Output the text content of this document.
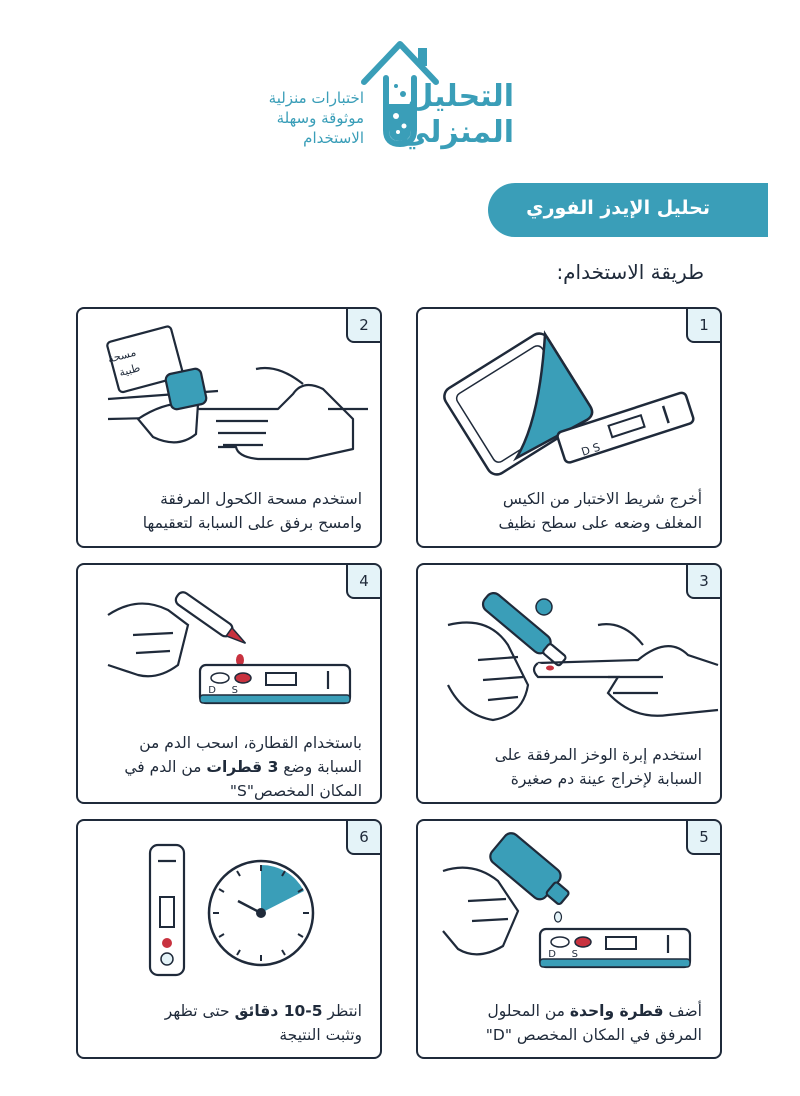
التحليل
المنزلي
اختبارات منزلية
موثوقة وسهلة
الاستخدام
تحليل الإيدز الفوري
طريقة الاستخدام:
1
D S
أخرج شريط الاختبار من الكيس
المغلف وضعه على سطح نظيف
2
مسحة
طبية
استخدم مسحة الكحول المرفقة
وامسح برفق على السبابة لتعقيمها
3
استخدم إبرة الوخز المرفقة على
السبابة لإخراج عينة دم صغيرة
4
D S
باستخدام القطارة، اسحب الدم من
السبابة وضع 3 قطرات من الدم في
المكان المخصص"S"
5
D S
أضف قطرة واحدة من المحلول
المرفق في المكان المخصص "D"
6
انتظر 5-10 دقائق حتى تظهر
وتثبت النتيجة
